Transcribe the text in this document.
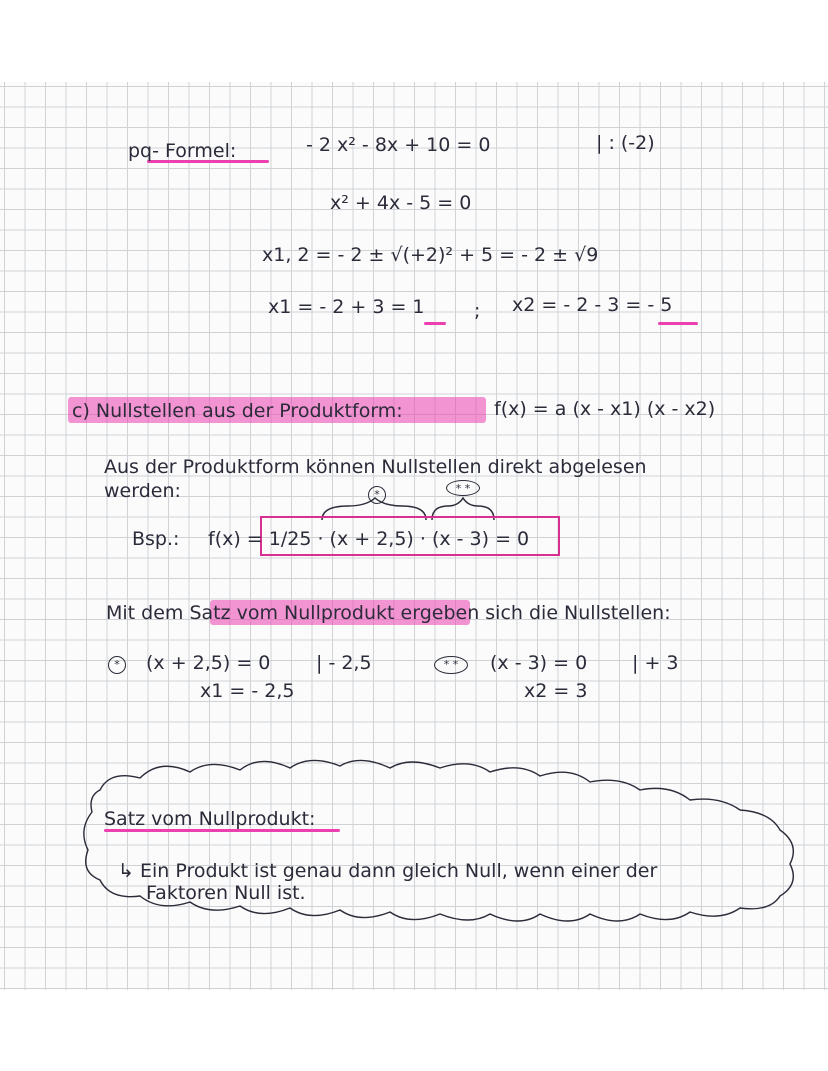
pq- Formel:	- 2 x² - 8x + 10 = 0	| : (-2)
x² + 4x - 5 = 0
x1, 2 = - 2 ± √(+2)² + 5 = - 2 ± √9
x1 = - 2 + 3 = 1	; x2 = - 2 - 3 = - 5
c) Nullstellen aus der Produktform:	f(x) = a (x - x1) (x - x2)
Aus der Produktform können Nullstellen direkt abgelesen
werden:	*	* *
Bsp.: f(x) = 1/25 · (x + 2,5) · (x - 3) = 0
Mit dem Satz vom Nullprodukt ergeben sich die Nullstellen:
*	(x + 2,5) = 0 | - 2,5
x1 = - 2,5
* *	(x - 3) = 0 | + 3
x2 = 3
Satz vom Nullprodukt:
↳ Ein Produkt ist genau dann gleich Null, wenn einer der
Faktoren Null ist.
